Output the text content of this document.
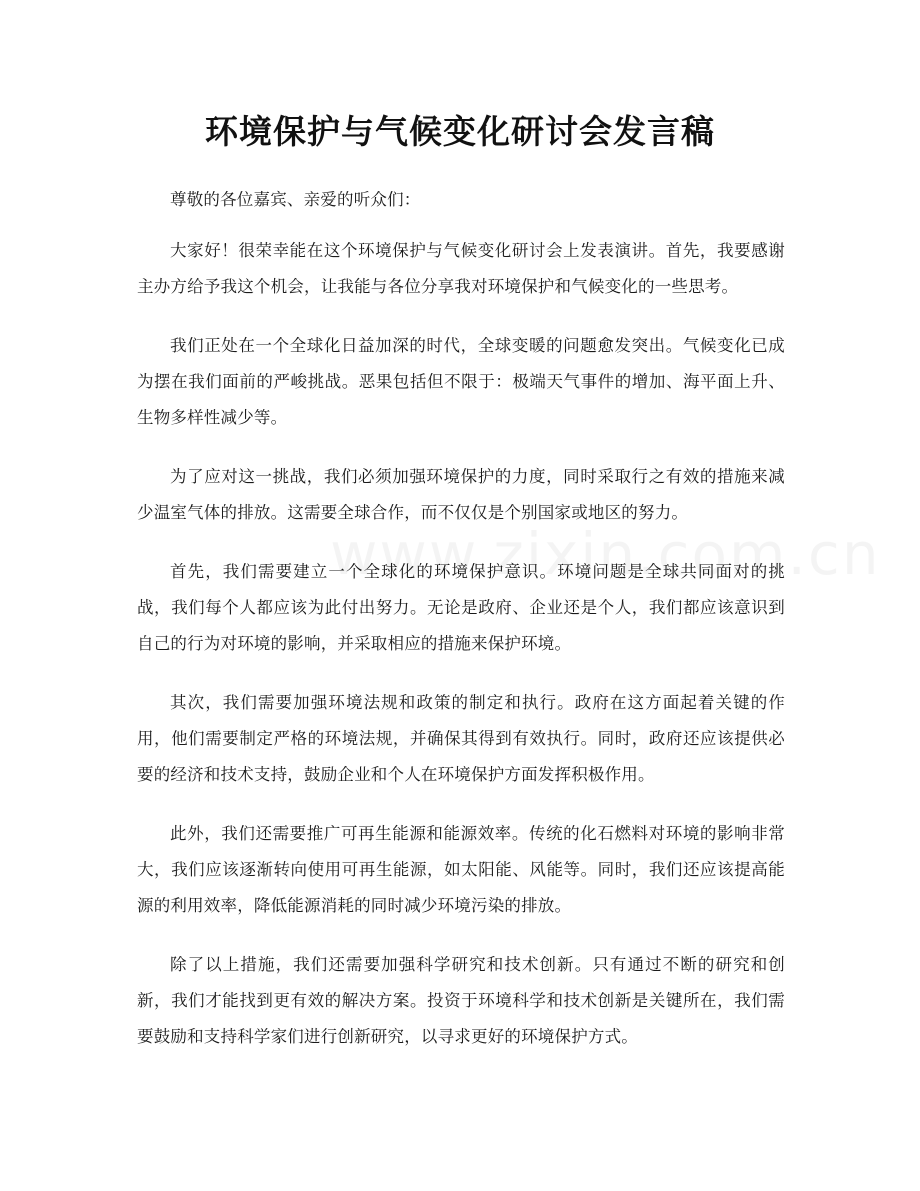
环境保护与气候变化研讨会发言稿

尊敬的各位嘉宾、亲爱的听众们：

大家好！很荣幸能在这个环境保护与气候变化研讨会上发表演讲。首先，我要感谢主办方给予我这个机会，让我能与各位分享我对环境保护和气候变化的一些思考。

我们正处在一个全球化日益加深的时代，全球变暖的问题愈发突出。气候变化已成为摆在我们面前的严峻挑战。恶果包括但不限于：极端天气事件的增加、海平面上升、生物多样性减少等。

为了应对这一挑战，我们必须加强环境保护的力度，同时采取行之有效的措施来减少温室气体的排放。这需要全球合作，而不仅仅是个别国家或地区的努力。

首先，我们需要建立一个全球化的环境保护意识。环境问题是全球共同面对的挑战，我们每个人都应该为此付出努力。无论是政府、企业还是个人，我们都应该意识到自己的行为对环境的影响，并采取相应的措施来保护环境。

其次，我们需要加强环境法规和政策的制定和执行。政府在这方面起着关键的作用，他们需要制定严格的环境法规，并确保其得到有效执行。同时，政府还应该提供必要的经济和技术支持，鼓励企业和个人在环境保护方面发挥积极作用。

此外，我们还需要推广可再生能源和能源效率。传统的化石燃料对环境的影响非常大，我们应该逐渐转向使用可再生能源，如太阳能、风能等。同时，我们还应该提高能源的利用效率，降低能源消耗的同时减少环境污染的排放。

除了以上措施，我们还需要加强科学研究和技术创新。只有通过不断的研究和创新，我们才能找到更有效的解决方案。投资于环境科学和技术创新是关键所在，我们需要鼓励和支持科学家们进行创新研究，以寻求更好的环境保护方式。
